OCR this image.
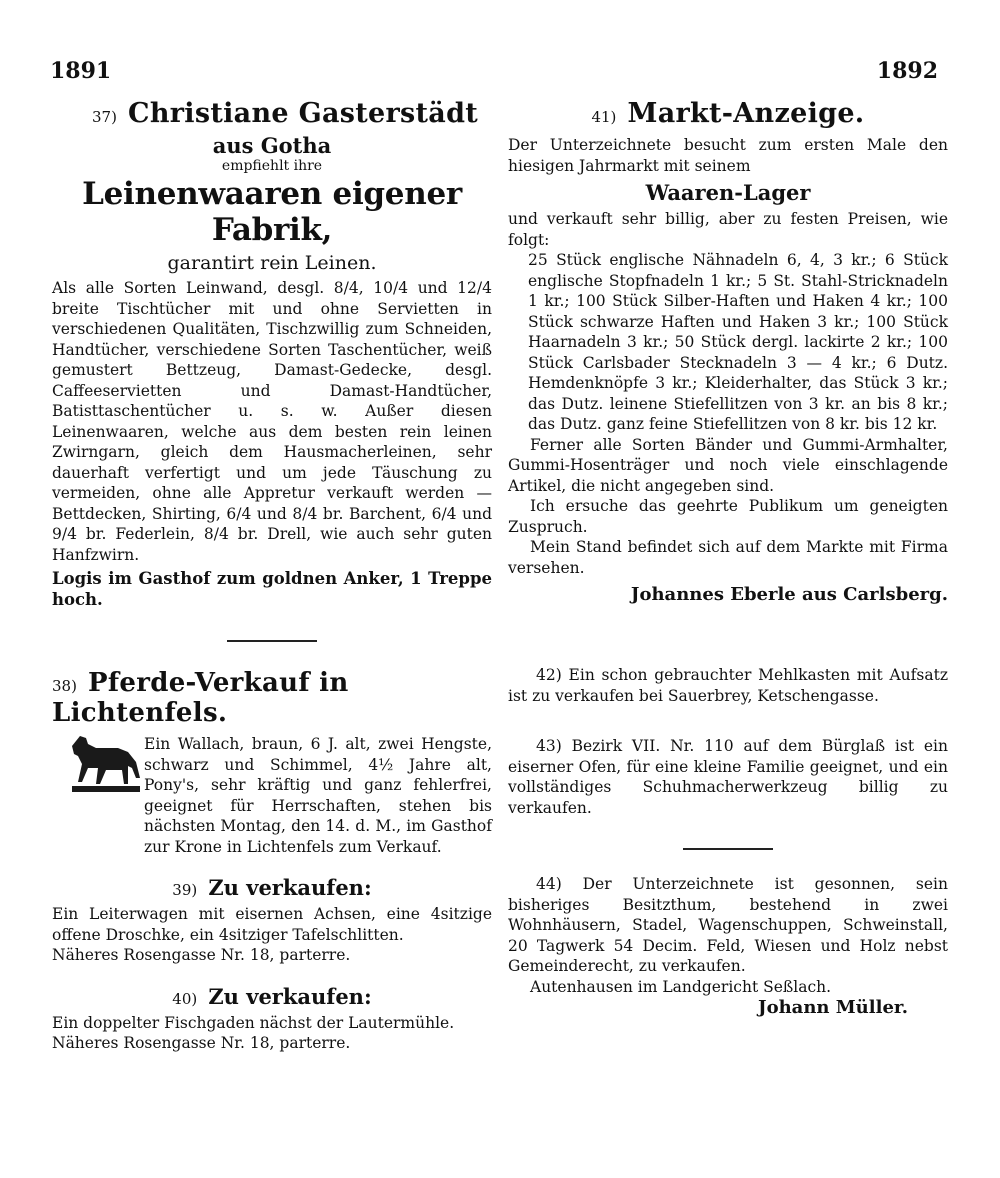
1891	1892
37) Christiane Gasterstädt
aus Gotha
empfiehlt ihre
Leinenwaaren eigener Fabrik,
garantirt rein Leinen.

Als alle Sorten Leinwand, desgl. 8/4, 10/4 und 12/4 breite Tischtücher mit und ohne Servietten in verschiedenen Qualitäten, Tischzwillig zum Schneiden, Handtücher, verschiedene Sorten Taschentücher, weiß gemustert Bettzeug, Damast-Gedecke, desgl. Caffeeservietten und Damast-Handtücher, Batisttaschentücher u. s. w. Außer diesen Leinenwaaren, welche aus dem besten rein leinen Zwirngarn, gleich dem Hausmacherleinen, sehr dauerhaft verfertigt und um jede Täuschung zu vermeiden, ohne alle Appretur verkauft werden — Bettdecken, Shirting, 6/4 und 8/4 br. Barchent, 6/4 und 9/4 br. Federlein, 8/4 br. Drell, wie auch sehr guten Hanfzwirn.

Logis im Gasthof zum goldnen Anker, 1 Treppe hoch.

38) Pferde-Verkauf in Lichtenfels.

Ein Wallach, braun, 6 J. alt, zwei Hengste, schwarz und Schimmel, 4½ Jahre alt, Pony's, sehr kräftig und ganz fehlerfrei, geeignet für Herrschaften, stehen bis nächsten Montag, den 14. d. M., im Gasthof zur Krone in Lichtenfels zum Verkauf.

39) Zu verkaufen:

Ein Leiterwagen mit eisernen Achsen, eine 4sitzige offene Droschke, ein 4sitziger Tafelschlitten.

Näheres Rosengasse Nr. 18, parterre.

40) Zu verkaufen:

Ein doppelter Fischgaden nächst der Lautermühle.

Näheres Rosengasse Nr. 18, parterre.

41) Markt-Anzeige.

Der Unterzeichnete besucht zum ersten Male den hiesigen Jahrmarkt mit seinem

Waaren-Lager

und verkauft sehr billig, aber zu festen Preisen, wie folgt:

25 Stück englische Nähnadeln 6, 4, 3 kr.; 6 Stück englische Stopfnadeln 1 kr.; 5 St. Stahl-Stricknadeln 1 kr.; 100 Stück Silber-Haften und Haken 4 kr.; 100 Stück schwarze Haften und Haken 3 kr.; 100 Stück Haarnadeln 3 kr.; 50 Stück dergl. lackirte 2 kr.; 100 Stück Carlsbader Stecknadeln 3 — 4 kr.; 6 Dutz. Hemdenknöpfe 3 kr.; Kleiderhalter, das Stück 3 kr.; das Dutz. leinene Stiefellitzen von 3 kr. an bis 8 kr.; das Dutz. ganz feine Stiefellitzen von 8 kr. bis 12 kr.

Ferner alle Sorten Bänder und Gummi-Armhalter, Gummi-Hosenträger und noch viele einschlagende Artikel, die nicht angegeben sind.

Ich ersuche das geehrte Publikum um geneigten Zuspruch.

Mein Stand befindet sich auf dem Markte mit Firma versehen.

Johannes Eberle aus Carlsberg.

42) Ein schon gebrauchter Mehlkasten mit Aufsatz ist zu verkaufen bei Sauerbrey, Ketschengasse.

43) Bezirk VII. Nr. 110 auf dem Bürglaß ist ein eiserner Ofen, für eine kleine Familie geeignet, und ein vollständiges Schuhmacherwerkzeug billig zu verkaufen.

44) Der Unterzeichnete ist gesonnen, sein bisheriges Besitzthum, bestehend in zwei Wohnhäusern, Stadel, Wagenschuppen, Schweinstall, 20 Tagwerk 54 Decim. Feld, Wiesen und Holz nebst Gemeinderecht, zu verkaufen.

Autenhausen im Landgericht Seßlach.

Johann Müller.
